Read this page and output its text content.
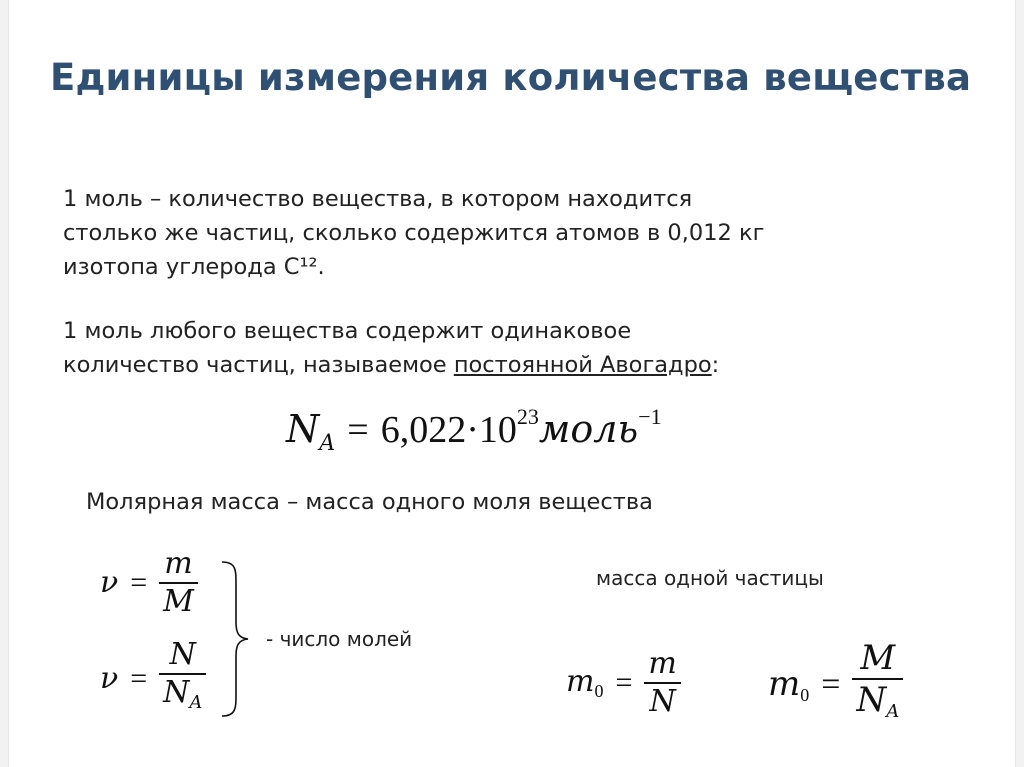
Единицы измерения количества вещества
1 моль – количество вещества, в котором находится
столько же частиц, сколько содержится атомов в 0,012 кг
изотопа углерода С¹².
1 моль любого вещества содержит одинаковое
количество частиц, называемое постоянной Авогадро:
$N_A$ = $6,022\cdot 10^{23}моль^{-1}$
Молярная масса – масса одного моля вещества
$\nu = \frac{m}{M}$
$\nu = \frac{N}{N_A}$	- число молей
масса одной частицы
$m_0 = \frac{m}{N}$	$m_0 = \frac{M}{N_A}$
